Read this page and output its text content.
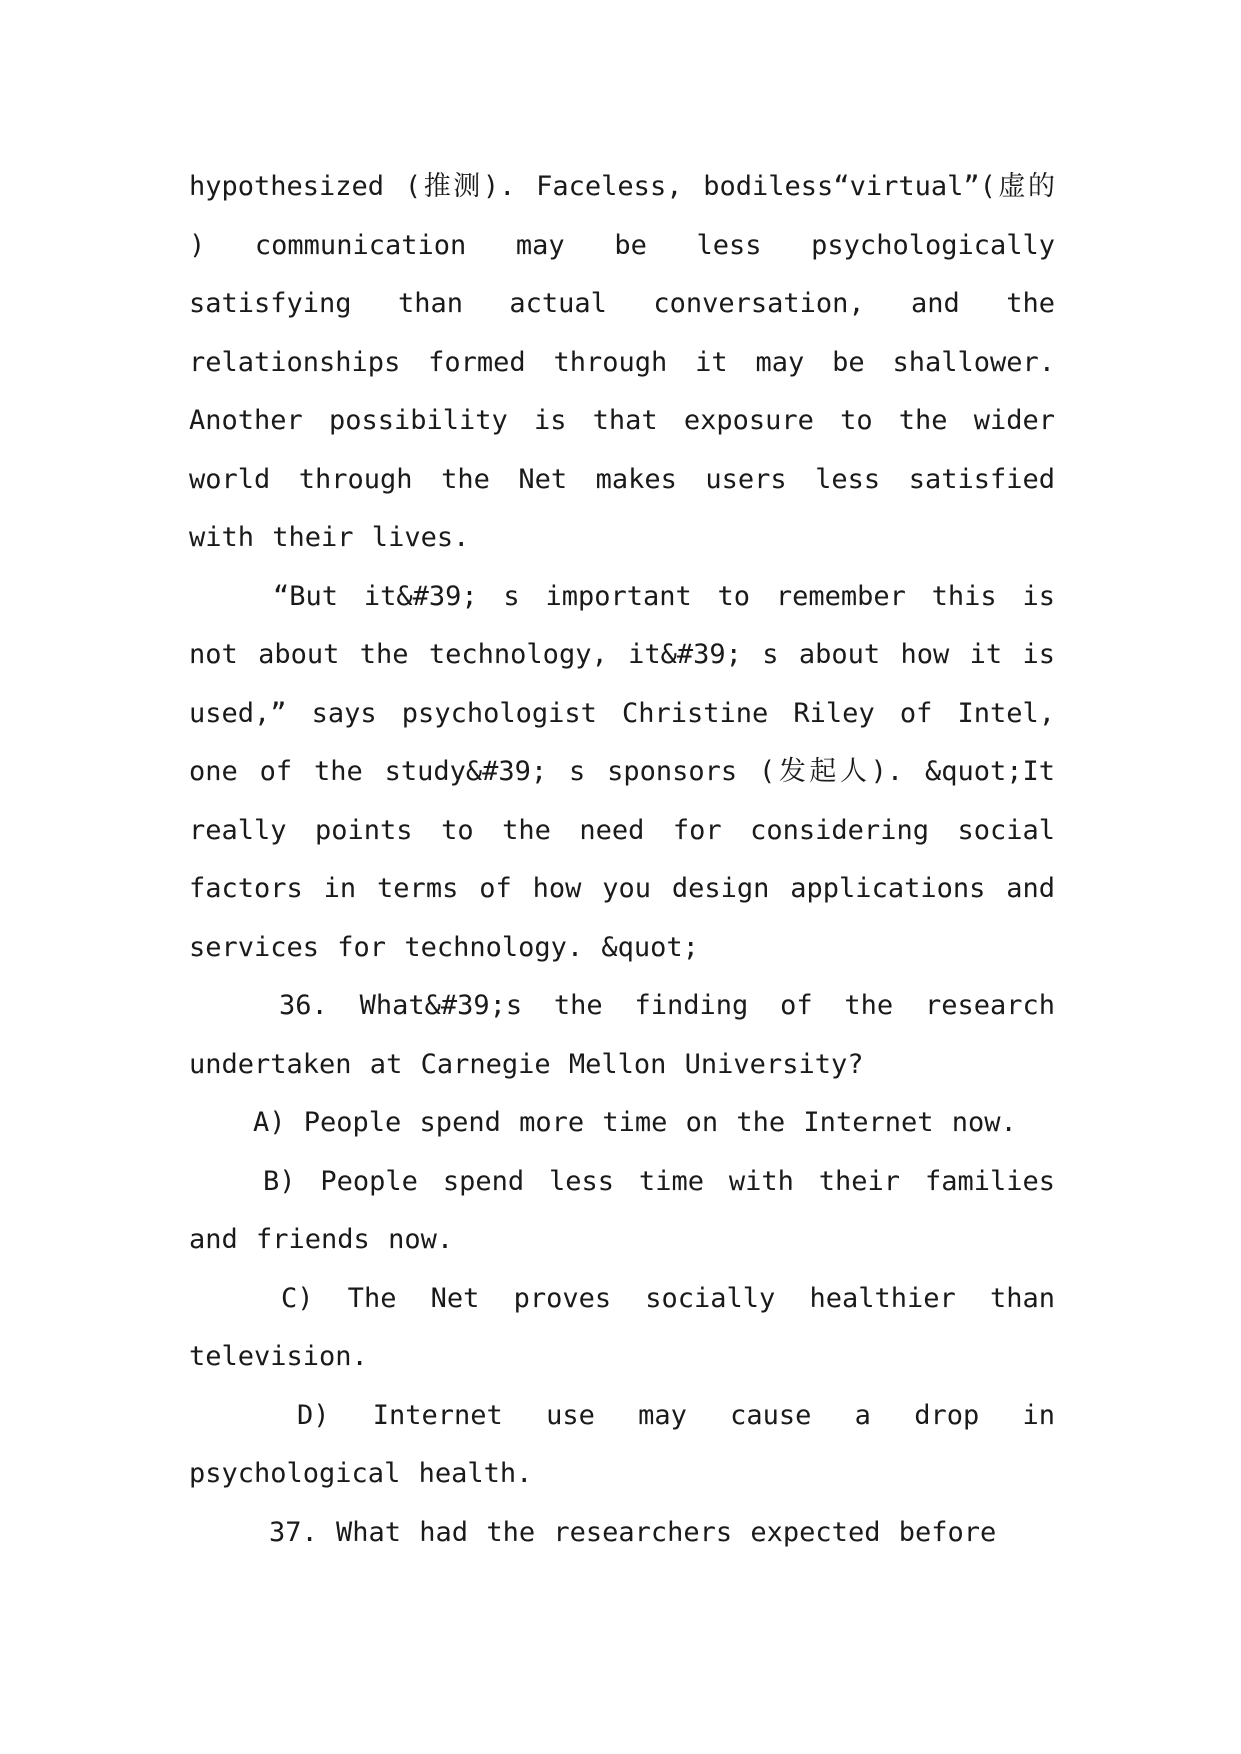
hypothesized (推测). Faceless, bodiless“virtual”(虚的 ) communication may be less psychologically satisfying than actual conversation, and the relationships formed through it may be shallower. Another possibility is that exposure to the wider world through the Net makes users less satisfied with their lives.

“But it&#39; s important to remember this is not about the technology, it&#39; s about how it is used,” says psychologist Christine Riley of Intel, one of the study&#39; s sponsors (发起人). &quot;It really points to the need for considering social factors in terms of how you design applications and services for technology. &quot;

36. What&#39;s the finding of the research undertaken at Carnegie Mellon University?

A) People spend more time on the Internet now.

B) People spend less time with their families and friends now.

C) The Net proves socially healthier than television.

D) Internet use may cause a drop in psychological health.

37. What had the researchers expected before
